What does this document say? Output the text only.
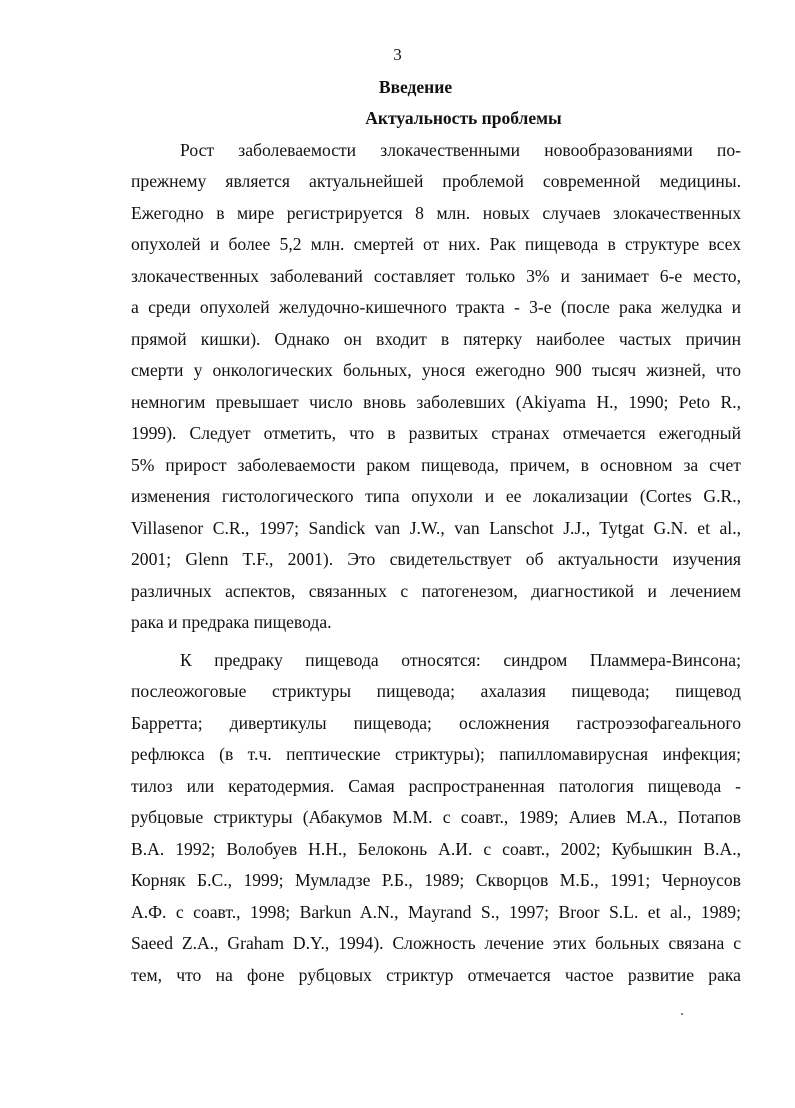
3
Введение
Актуальность проблемы
Рост заболеваемости злокачественными новообразованиями по-
прежнему является актуальнейшей проблемой современной медицины.
Ежегодно в мире регистрируется 8 млн. новых случаев злокачественных
опухолей и более 5,2 млн. смертей от них. Рак пищевода в структуре всех
злокачественных заболеваний составляет только 3% и занимает 6-е место,
а среди опухолей желудочно-кишечного тракта - 3-е (после рака желудка и
прямой кишки). Однако он входит в пятерку наиболее частых причин
смерти у онкологических больных, унося ежегодно 900 тысяч жизней, что
немногим превышает число вновь заболевших (Akiyama H., 1990; Peto R.,
1999). Следует отметить, что в развитых странах отмечается ежегодный
5% прирост заболеваемости раком пищевода, причем, в основном за счет
изменения гистологического типа опухоли и ее локализации (Cortes G.R.,
Villasenor C.R., 1997; Sandick van J.W., van Lanschot J.J., Tytgat G.N. et al.,
2001; Glenn T.F., 2001). Это свидетельствует об актуальности изучения
различных аспектов, связанных с патогенезом, диагностикой и лечением
рака и предрака пищевода.
К предраку пищевода относятся: синдром Пламмера-Винсона;
послеожоговые стриктуры пищевода; ахалазия пищевода; пищевод
Барретта; дивертикулы пищевода; осложнения гастроэзофагеального
рефлюкса (в т.ч. пептические стриктуры); папилломавирусная инфекция;
тилоз или кератодермия. Самая распространенная патология пищевода -
рубцовые стриктуры (Абакумов М.М. с соавт., 1989; Алиев М.А., Потапов
В.А. 1992; Волобуев Н.Н., Белоконь А.И. с соавт., 2002; Кубышкин В.А.,
Корняк Б.С., 1999; Мумладзе Р.Б., 1989; Скворцов М.Б., 1991; Черноусов
А.Ф. с соавт., 1998; Barkun A.N., Mayrand S., 1997; Broor S.L. et al., 1989;
Saeed Z.A., Graham D.Y., 1994). Сложность лечение этих больных связана с
тем, что на фоне рубцовых стриктур отмечается частое развитие рака
